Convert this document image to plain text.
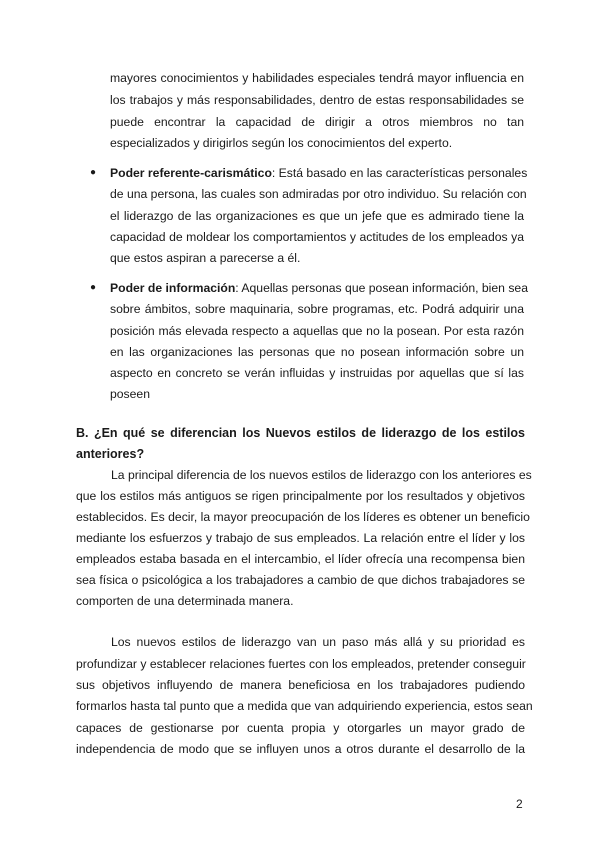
mayores conocimientos y habilidades especiales tendrá mayor influencia en
los trabajos y más responsabilidades, dentro de estas responsabilidades se
puede encontrar la capacidad de dirigir a otros miembros no tan
especializados y dirigirlos según los conocimientos del experto.
● Poder referente-carismático: Está basado en las características personales
de una persona, las cuales son admiradas por otro individuo. Su relación con
el liderazgo de las organizaciones es que un jefe que es admirado tiene la
capacidad de moldear los comportamientos y actitudes de los empleados ya
que estos aspiran a parecerse a él.
● Poder de información: Aquellas personas que posean información, bien sea
sobre ámbitos, sobre maquinaria, sobre programas, etc. Podrá adquirir una
posición más elevada respecto a aquellas que no la posean. Por esta razón
en las organizaciones las personas que no posean información sobre un
aspecto en concreto se verán influidas y instruidas por aquellas que sí las
poseen
B. ¿En qué se diferencian los Nuevos estilos de liderazgo de los estilos
anteriores?
La principal diferencia de los nuevos estilos de liderazgo con los anteriores es
que los estilos más antiguos se rigen principalmente por los resultados y objetivos
establecidos. Es decir, la mayor preocupación de los líderes es obtener un beneficio
mediante los esfuerzos y trabajo de sus empleados. La relación entre el líder y los
empleados estaba basada en el intercambio, el líder ofrecía una recompensa bien
sea física o psicológica a los trabajadores a cambio de que dichos trabajadores se
comporten de una determinada manera.
Los nuevos estilos de liderazgo van un paso más allá y su prioridad es
profundizar y establecer relaciones fuertes con los empleados, pretender conseguir
sus objetivos influyendo de manera beneficiosa en los trabajadores pudiendo
formarlos hasta tal punto que a medida que van adquiriendo experiencia, estos sean
capaces de gestionarse por cuenta propia y otorgarles un mayor grado de
independencia de modo que se influyen unos a otros durante el desarrollo de la
2
